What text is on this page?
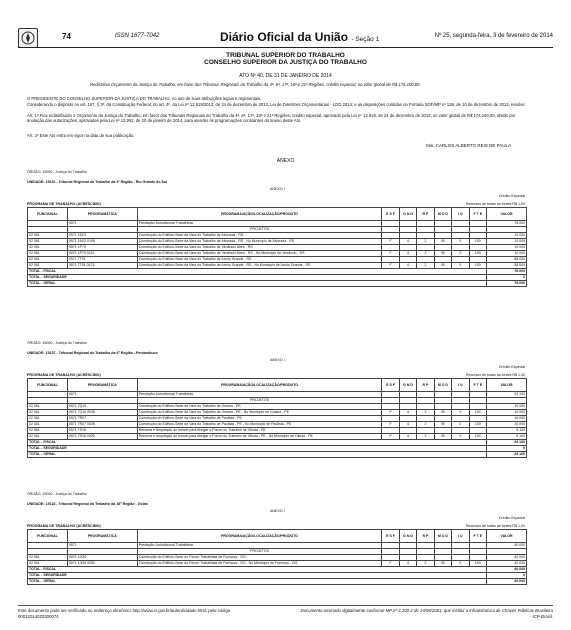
74	ISSN 1677-7042	Diário Oficial da União - Seção 1	Nº 25, segunda-feira, 3 de fevereiro de 2014
TRIBUNAL SUPERIOR DO TRABALHO
CONSELHO SUPERIOR DA JUSTIÇA DO TRABALHO
ATO Nº 40, DE 31 DE JANEIRO DE 2014
Redistribui Orçamento da Justiça do Trabalho, em favor dos Tribunais Regionais do Trabalho da 4ª, 6ª, 17ª, 18ª e 21ª Regiões, crédito especial, no valor global de R$ 174.100,00.
O PRESIDENTE DO CONSELHO SUPERIOR DA JUSTIÇA DO TRABALHO, no uso de suas atribuições legais e regimentais,
Considerando o disposto no art. 167, § 3º, da Constituição Federal; do art. 4º, da Lei nº 12.919/2013, de 24 de dezembro de 2013, Lei de Diretrizes Orçamentárias - LDO 2014; e as disposições contidas na Portaria SOF/MP nº 136, de 10 de dezembro de 2013, resolve:
Art. 1º Fica redistribuído o Orçamento da Justiça do Trabalho, em favor dos Tribunais Regionais do Trabalho da 4ª, 6ª, 17ª, 18ª e 21ª Regiões, crédito especial, aprovado pela Lei nº 12.919, de 24 de dezembro de 2013, no valor global de R$ 174.100,00, obtido por anulação das autorizações, aprovadas pela Lei nº 12.952, de 20 de janeiro de 2014, para atender às programações constantes do anexo deste Ato.
Art. 2º Este Ato entra em vigor na data de sua publicação.
Min. CARLOS ALBERTO REIS DE PAULA
ANEXO
ÓRGÃO: 15000 - Justiça do Trabalho
UNIDADE: 15110 - Tribunal Regional do Trabalho da 4ª Região - Rio Grande do Sul
ANEXO I
Crédito Especial
PROGRAMA DE TRABALHO (ACRÉSCIMO)	Recursos de todas as fontes R$ 1,00
FUNCIONAL	PROGRAMÁTICA	PROGRAMA/AÇÃO/LOCALIZAÇÃO/PRODUTO	E S F	G N D	R P	M O D	I U	F T E	VALOR
	0571	Prestação Jurisdicional Trabalhista							78.000
		PROJETOS							
02 061	0571 151D	Construção do Edifício-Sede da Vara do Trabalho de Alvorada - RS							10.000
02 061	0571 151D 0108	Construção do Edifício-Sede da Vara do Trabalho de Alvorada - RS - No Município de Alvorada - RS	F	4	2	90	0	100	10.000
02 061	0571 1P73	Construção do Edifício-Sede da Vara do Trabalho de Venâncio Aires - RS							10.000
02 061	0571 1P73 0110	Construção do Edifício-Sede da Vara do Trabalho de Venâncio Aires - RS - No Município de Venâncio - RS	F	4	2	90	0	100	10.000
02 061	0571 7T91	Construção do Edifício-Sede da Vara do Trabalho de Arroio Grande - RS							58.000
02 061	0571 7T91 0123	Construção do Edifício-Sede da Vara do Trabalho de Arroio Grande - RS - No Município de Arroio Grande - RS	F	4	2	90	0	100	58.000
TOTAL - FISCAL									78.000
TOTAL - SEGURIDADE									0
TOTAL - GERAL									78.000
ÓRGÃO: 15000 - Justiça do Trabalho
UNIDADE: 15107 - Tribunal Regional do Trabalho da 6ª Região - Pernambuco
ANEXO I
Crédito Especial
PROGRAMA DE TRABALHO (ACRÉSCIMO)	Recursos de todas as fontes R$ 1,00
FUNCIONAL	PROGRAMÁTICA	PROGRAMA/AÇÃO/LOCALIZAÇÃO/PRODUTO	E S F	G N D	R P	M O D	I U	F T E	VALOR
	0571	Prestação Jurisdicional Trabalhista							29.100
		PROJETOS							
02 061	0571 7Q10	Construção do Edifício-Sede da Vara do Trabalho de Goiana - PE							10.000
02 061	0571 7Q10 0026	Construção do Edifício-Sede da Vara do Trabalho de Goiana - PE - No Município de Goiana - PE	F	4	2	90	0	100	10.000
02 061	0571 7R07	Construção do Edifício-Sede da Vara do Trabalho de Paulista - PE							10.000
02 061	0571 7R07 0026	Construção do Edifício-Sede da Vara do Trabalho de Paulista - PE - No Município de Paulista - PE	F	4	2	90	0	100	10.000
02 061	0571 7S18	Reforma e Ampliação do Imóvel para Abrigar o Fórum do Trabalho de Olinda - PE							9.100
02 061	0571 7S18 0026	Reforma e Ampliação do Imóvel para Abrigar o Fórum do Trabalho de Olinda - PE - No Município de Olinda - PE	F	4	2	90	0	100	9.100
TOTAL - FISCAL									29.100
TOTAL - SEGURIDADE									0
TOTAL - GERAL									29.100
ÓRGÃO: 15000 - Justiça do Trabalho
UNIDADE: 15118 - Tribunal Regional do Trabalho da 18ª Região - Goiás
ANEXO I
Crédito Especial
PROGRAMA DE TRABALHO (ACRÉSCIMO)	Recursos de todas as fontes R$ 1,00
FUNCIONAL	PROGRAMÁTICA	PROGRAMA/AÇÃO/LOCALIZAÇÃO/PRODUTO	E S F	G N D	R P	M O D	I U	F T E	VALOR
	0571	Prestação Jurisdicional Trabalhista							40.000
		PROJETOS							
02 061	0571 10G6	Construção do Edifício-Sede do Fórum Trabalhista de Formosa - GO							40.000
02 061	0571 10G6 0052	Construção do Edifício-Sede do Fórum Trabalhista de Formosa - GO - No Município de Formosa - GO	F	4	2	90	0	100	40.000
TOTAL - FISCAL									40.000
TOTAL - SEGURIDADE									0
TOTAL - GERAL									40.000
Este documento pode ser verificado no endereço eletrônico http://www.in.gov.br/autenticidade.html, pelo código 00012014020300074
Documento assinado digitalmente conforme MP nº 2.200-2 de 24/08/2001, que institui a Infraestrutura de Chaves Públicas Brasileira - ICP-Brasil.
